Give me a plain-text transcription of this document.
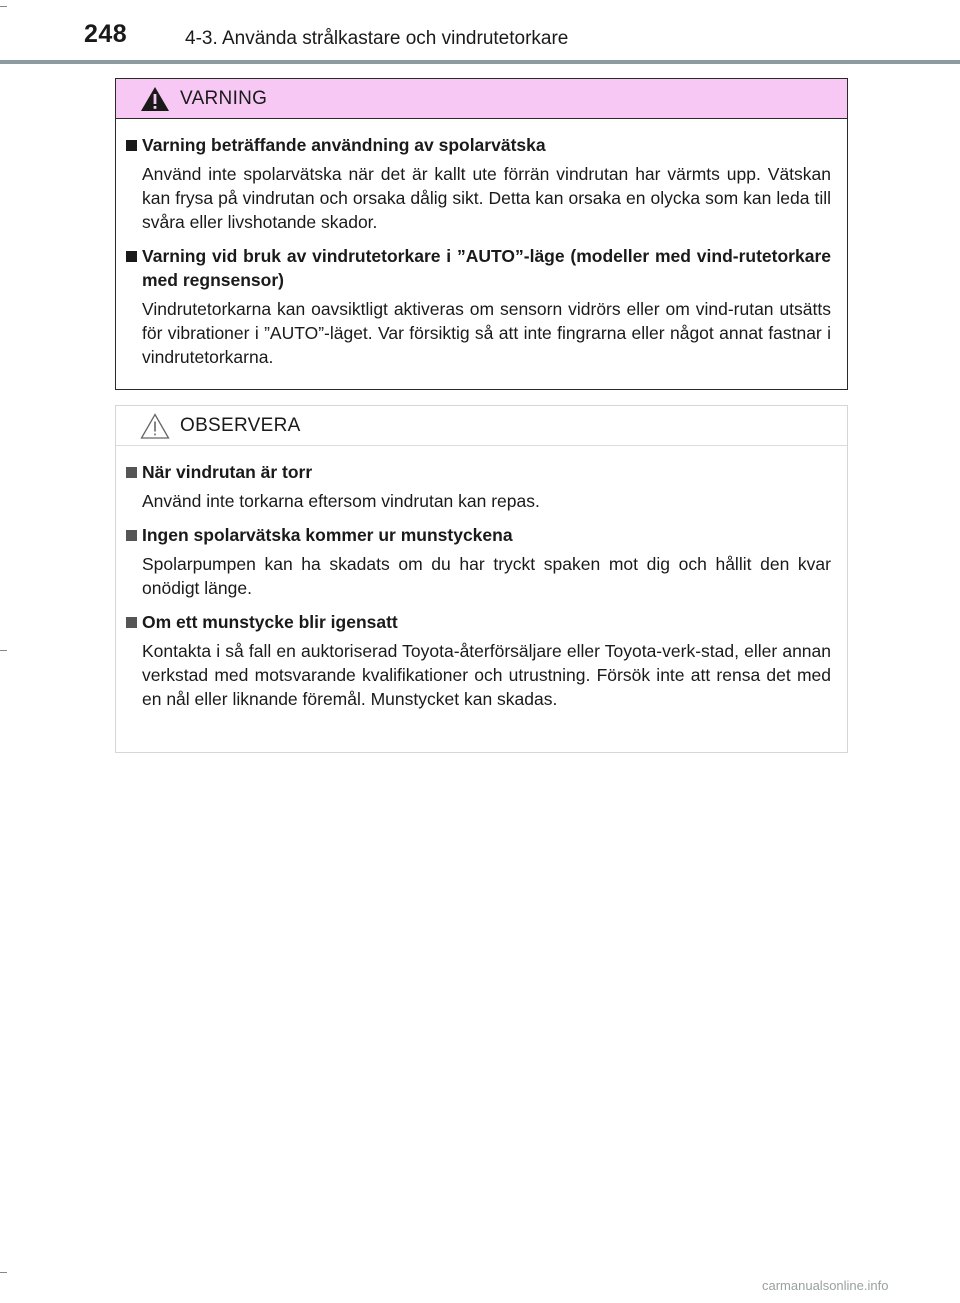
248	4-3. Använda strålkastare och vindrutetorkare
VARNING
Varning beträffande användning av spolarvätska
Använd inte spolarvätska när det är kallt ute förrän vindrutan har värmts upp. Vätskan kan frysa på vindrutan och orsaka dålig sikt. Detta kan orsaka en olycka som kan leda till svåra eller livshotande skador.
Varning vid bruk av vindrutetorkare i ”AUTO”-läge (modeller med vind-rutetorkare med regnsensor)
Vindrutetorkarna kan oavsiktligt aktiveras om sensorn vidrörs eller om vind-rutan utsätts för vibrationer i ”AUTO”-läget. Var försiktig så att inte fingrarna eller något annat fastnar i vindrutetorkarna.
OBSERVERA
När vindrutan är torr
Använd inte torkarna eftersom vindrutan kan repas.
Ingen spolarvätska kommer ur munstyckena
Spolarpumpen kan ha skadats om du har tryckt spaken mot dig och hållit den kvar onödigt länge.
Om ett munstycke blir igensatt
Kontakta i så fall en auktoriserad Toyota-återförsäljare eller Toyota-verk-stad, eller annan verkstad med motsvarande kvalifikationer och utrustning. Försök inte att rensa det med en nål eller liknande föremål. Munstycket kan skadas.
carmanualsonline.info
